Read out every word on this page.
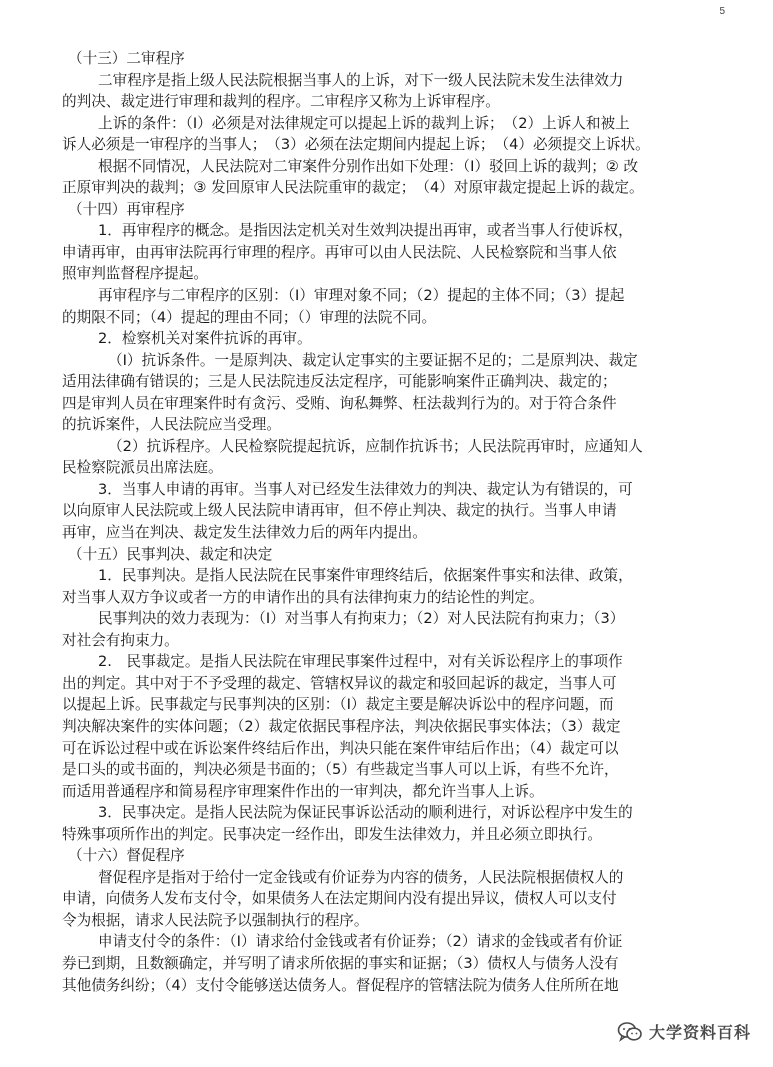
5
（十三）二审程序
二审程序是指上级人民法院根据当事人的上诉，对下一级人民法院未发生法律效力
的判决、裁定进行审理和裁判的程序。二审程序又称为上诉审程序。
上诉的条件：（I）必须是对法律规定可以提起上诉的裁判上诉；　（2）上诉人和被上
诉人必须是一审程序的当事人；　（3）必须在法定期间内提起上诉；　（4）必须提交上诉状。
根据不同情况，人民法院对二审案件分别作出如下处理：（I）驳回上诉的裁判；② 改
正原审判决的裁判；③ 发回原审人民法院重审的裁定；　（4）对原审裁定提起上诉的裁定。
（十四）再审程序
1．再审程序的概念。是指因法定机关对生效判决提出再审，或者当事人行使诉权，
申请再审，由再审法院再行审理的程序。再审可以由人民法院、人民检察院和当事人依
照审判监督程序提起。
再审程序与二审程序的区别：（I）审理对象不同；（2）提起的主体不同；（3）提起
的期限不同；（4）提起的理由不同；（）审理的法院不同。
2．检察机关对案件抗诉的再审。
（I）抗诉条件。一是原判决、裁定认定事实的主要证据不足的；二是原判决、裁定
适用法律确有错误的；三是人民法院违反法定程序，可能影响案件正确判决、裁定的；
四是审判人员在审理案件时有贪污、受贿、询私舞弊、枉法裁判行为的。对于符合条件
的抗诉案件，人民法院应当受理。
（2）抗诉程序。人民检察院提起抗诉，应制作抗诉书；人民法院再审时，应通知人
民检察院派员出席法庭。
3．当事人申请的再审。当事人对已经发生法律效力的判决、裁定认为有错误的，可
以向原审人民法院或上级人民法院申请再审，但不停止判决、裁定的执行。当事人申请
再审，应当在判决、裁定发生法律效力后的两年内提出。
（十五）民事判决、裁定和决定
1．民事判决。是指人民法院在民事案件审理终结后，依据案件事实和法律、政策，
对当事人双方争议或者一方的申请作出的具有法律拘束力的结论性的判定。
民事判决的效力表现为：（I）对当事人有拘束力；（2）对人民法院有拘束力；（3）
对社会有拘束力。
2.　民事裁定。是指人民法院在审理民事案件过程中，对有关诉讼程序上的事项作
出的判定。其中对于不予受理的裁定、管辖权异议的裁定和驳回起诉的裁定，当事人可
以提起上诉。民事裁定与民事判决的区别：（I）裁定主要是解决诉讼中的程序问题，而
判决解决案件的实体问题；（2）裁定依据民事程序法，判决依据民事实体法；（3）裁定
可在诉讼过程中或在诉讼案件终结后作出，判决只能在案件审结后作出；（4）裁定可以
是口头的或书面的，判决必须是书面的；（5）有些裁定当事人可以上诉，有些不允许，
而适用普通程序和简易程序审理案件作出的一审判决，都允许当事人上诉。
3．民事决定。是指人民法院为保证民事诉讼活动的顺利进行，对诉讼程序中发生的
特殊事项所作出的判定。民事决定一经作出，即发生法律效力，并且必须立即执行。
（十六）督促程序
督促程序是指对于给付一定金钱或有价证券为内容的债务，人民法院根据债权人的
申请，向债务人发布支付令，如果债务人在法定期间内没有提出异议，债权人可以支付
令为根据，请求人民法院予以强制执行的程序。
申请支付令的条件：（I）请求给付金钱或者有价证券；（2）请求的金钱或者有价证
券已到期，且数额确定，并写明了请求所依据的事实和证据；（3）债权人与债务人没有
其他债务纠纷；（4）支付令能够送达债务人。督促程序的管辖法院为债务人住所所在地
大学资料百科
